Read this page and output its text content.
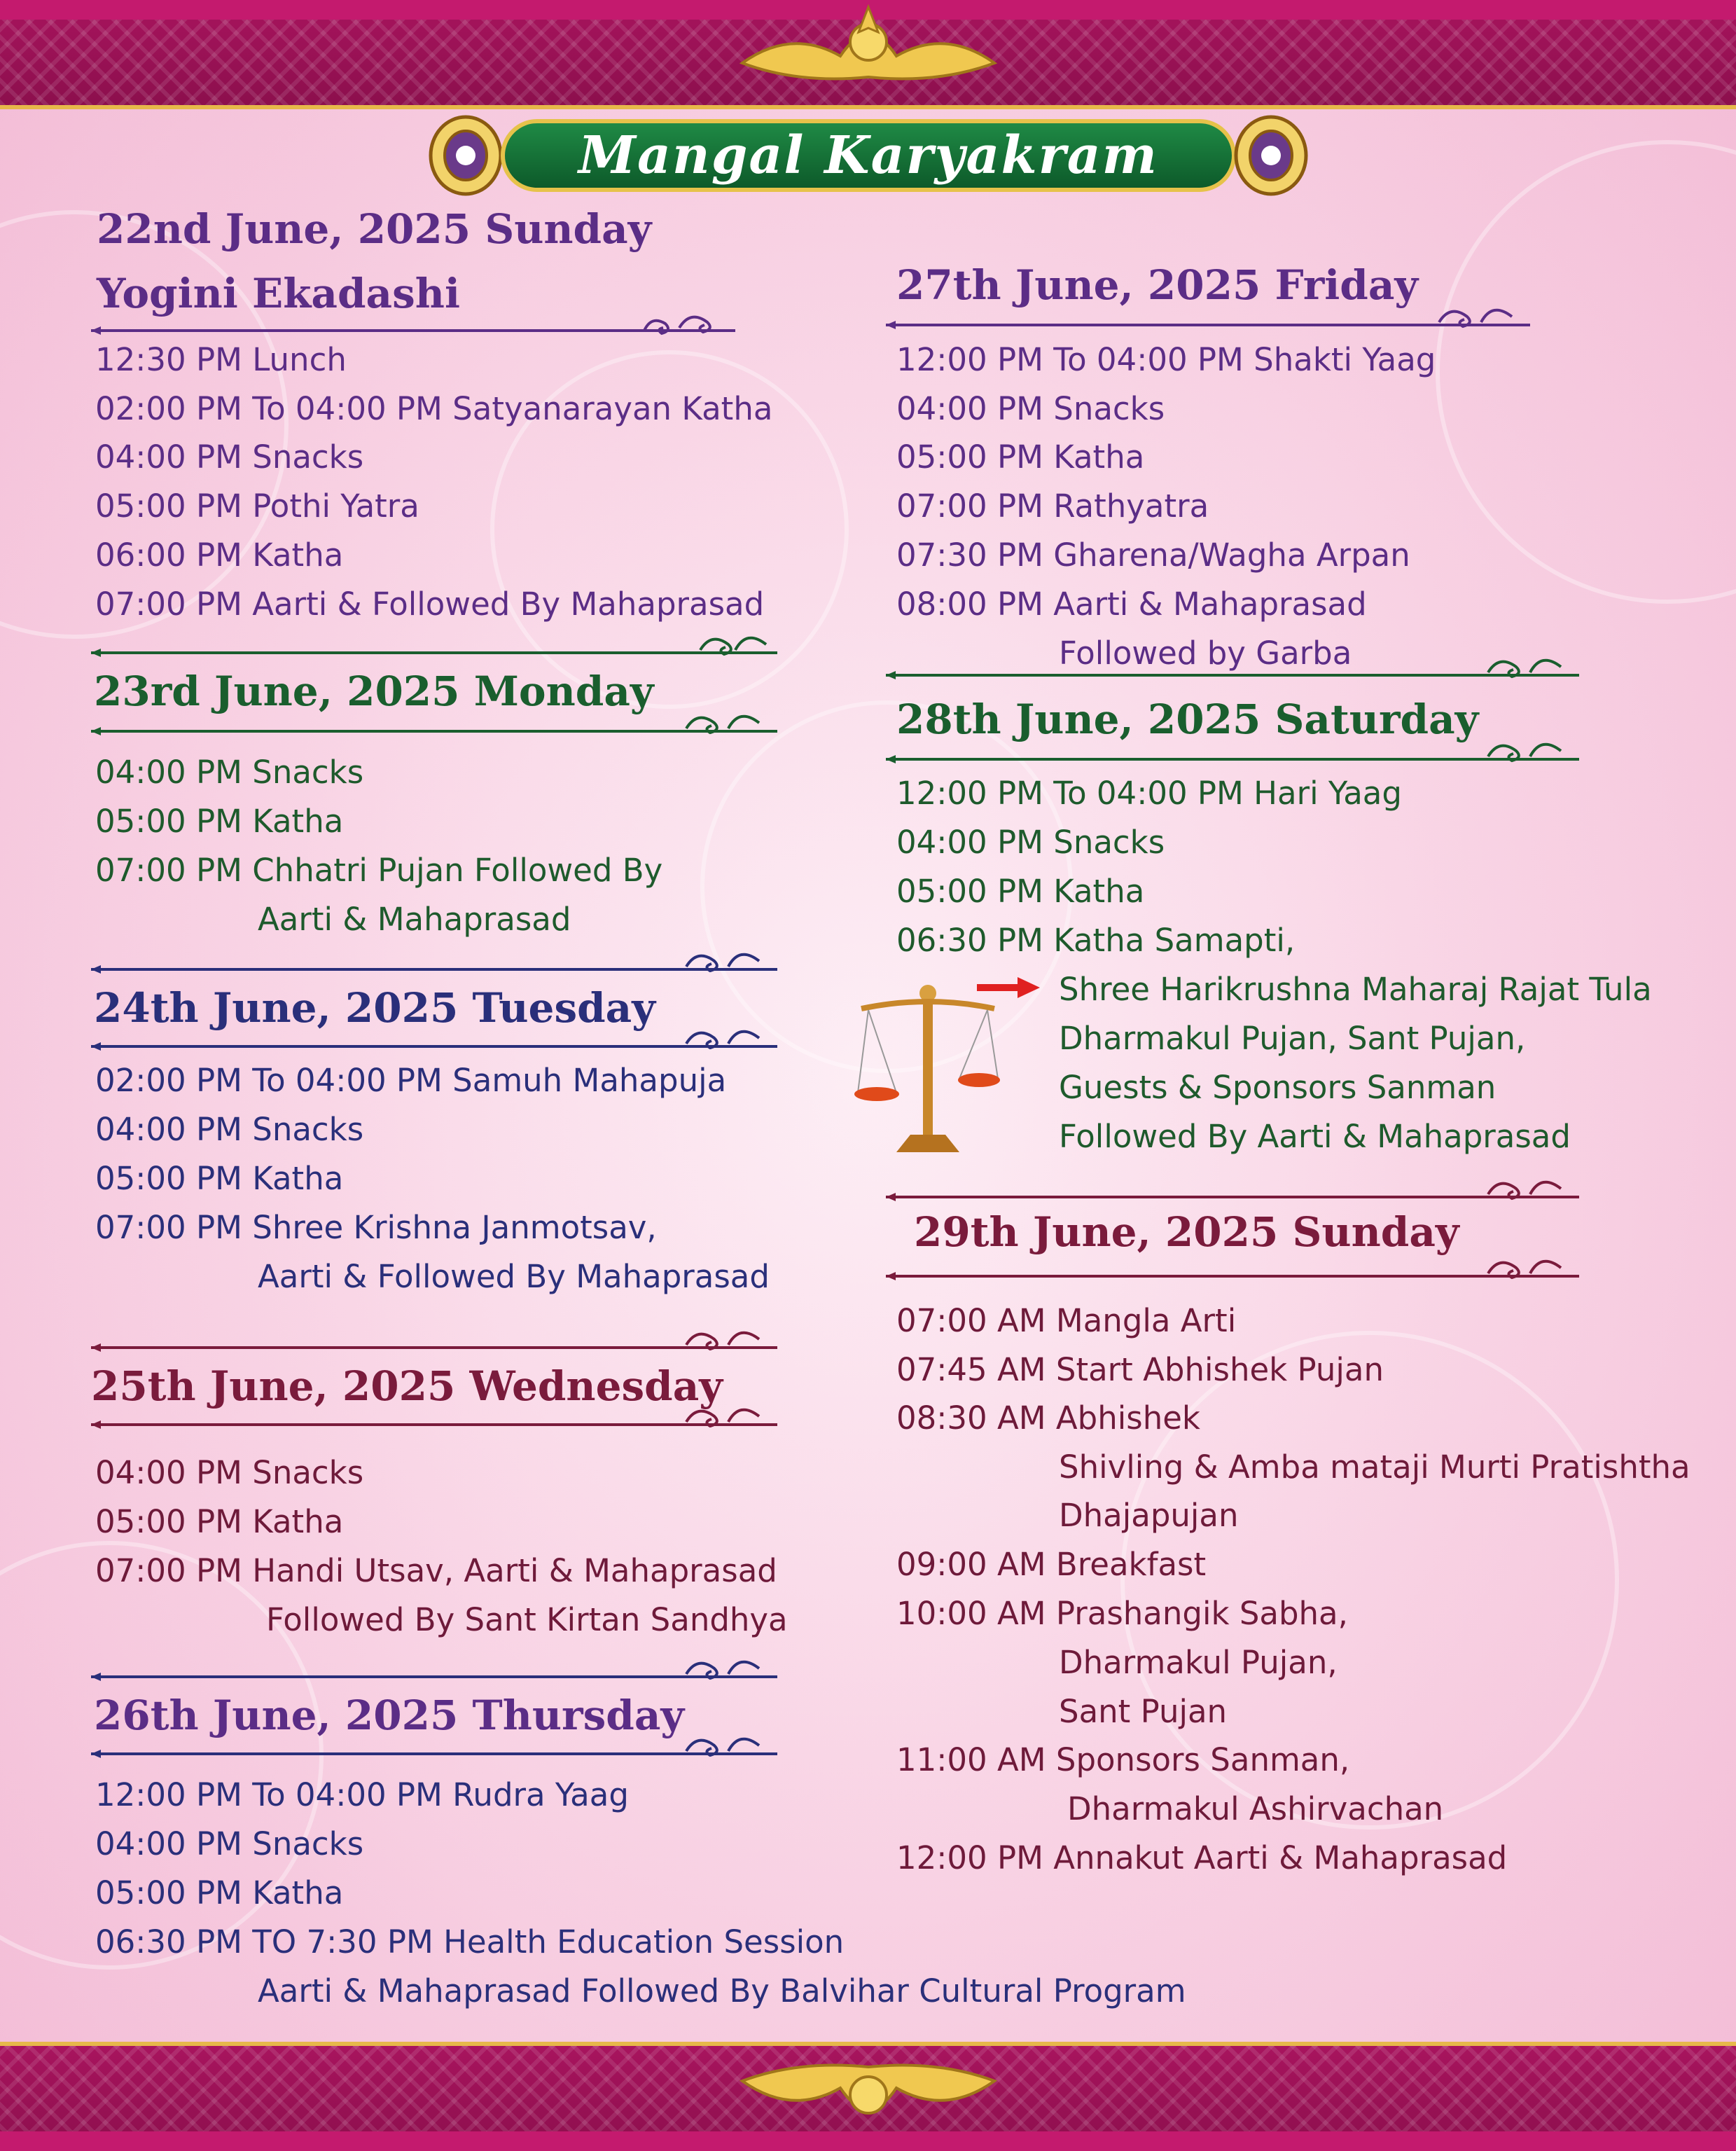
Mangal Karyakram
22nd June, 2025 Sunday
Yogini Ekadashi
12:30 PM Lunch
02:00 PM To 04:00 PM Satyanarayan Katha
04:00 PM Snacks
05:00 PM Pothi Yatra
06:00 PM Katha
07:00 PM Aarti & Followed By Mahaprasad
23rd June, 2025 Monday
04:00 PM Snacks
05:00 PM Katha
07:00 PM Chhatri Pujan Followed By
Aarti & Mahaprasad
24th June, 2025 Tuesday
02:00 PM To 04:00 PM Samuh Mahapuja
04:00 PM Snacks
05:00 PM Katha
07:00 PM Shree Krishna Janmotsav,
Aarti & Followed By Mahaprasad
25th June, 2025 Wednesday
04:00 PM Snacks
05:00 PM Katha
07:00 PM Handi Utsav, Aarti & Mahaprasad
Followed By Sant Kirtan Sandhya
26th June, 2025 Thursday
12:00 PM To 04:00 PM Rudra Yaag
04:00 PM Snacks
05:00 PM Katha
06:30 PM TO 7:30 PM Health Education Session
Aarti & Mahaprasad Followed By Balvihar Cultural Program
27th June, 2025 Friday
12:00 PM To 04:00 PM Shakti Yaag
04:00 PM Snacks
05:00 PM Katha
07:00 PM Rathyatra
07:30 PM Gharena/Wagha Arpan
08:00 PM Aarti & Mahaprasad
Followed by Garba
28th June, 2025 Saturday
12:00 PM To 04:00 PM Hari Yaag
04:00 PM Snacks
05:00 PM Katha
06:30 PM Katha Samapti,
Shree Harikrushna Maharaj Rajat Tula
Dharmakul Pujan, Sant Pujan,
Guests & Sponsors Sanman
Followed By Aarti & Mahaprasad
29th June, 2025 Sunday
07:00 AM Mangla Arti
07:45 AM Start Abhishek Pujan
08:30 AM Abhishek
Shivling & Amba mataji Murti Pratishtha
Dhajapujan
09:00 AM Breakfast
10:00 AM Prashangik Sabha,
Dharmakul Pujan,
Sant Pujan
11:00 AM Sponsors Sanman,
Dharmakul Ashirvachan
12:00 PM Annakut Aarti & Mahaprasad
